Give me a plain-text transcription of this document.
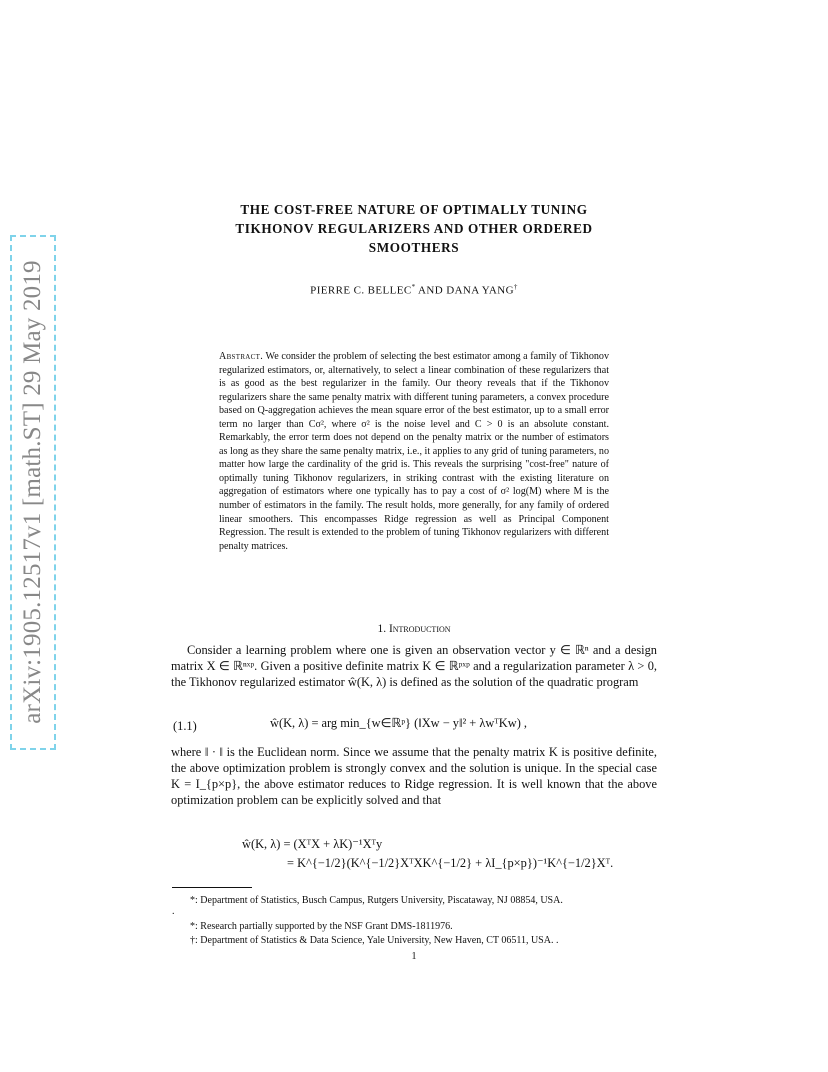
arXiv:1905.12517v1 [math.ST] 29 May 2019
THE COST-FREE NATURE OF OPTIMALLY TUNING
TIKHONOV REGULARIZERS AND OTHER ORDERED
SMOOTHERS
PIERRE C. BELLEC* AND DANA YANG†
Abstract. We consider the problem of selecting the best estimator among a family of Tikhonov regularized estimators, or, alternatively, to select a linear combination of these regularizers that is as good as the best regularizer in the family. Our theory reveals that if the Tikhonov regularizers share the same penalty matrix with different tuning parameters, a convex procedure based on Q-aggregation achieves the mean square error of the best estimator, up to a small error term no larger than Cσ², where σ² is the noise level and C > 0 is an absolute constant. Remarkably, the error term does not depend on the penalty matrix or the number of estimators as long as they share the same penalty matrix, i.e., it applies to any grid of tuning parameters, no matter how large the cardinality of the grid is. This reveals the surprising "cost-free" nature of optimally tuning Tikhonov regularizers, in striking contrast with the existing literature on aggregation of estimators where one typically has to pay a cost of σ² log(M) where M is the number of estimators in the family. The result holds, more generally, for any family of ordered linear smoothers. This encompasses Ridge regression as well as Principal Component Regression. The result is extended to the problem of tuning Tikhonov regularizers with different penalty matrices.
1. Introduction
Consider a learning problem where one is given an observation vector y ∈ ℝⁿ and a design matrix X ∈ ℝⁿˣᵖ. Given a positive definite matrix K ∈ ℝᵖˣᵖ and a regularization parameter λ > 0, the Tikhonov regularized estimator ŵ(K, λ) is defined as the solution of the quadratic program
(1.1)	ŵ(K, λ) = arg min_{w∈ℝᵖ} (‖Xw − y‖² + λwᵀKw) ,
where ‖ · ‖ is the Euclidean norm. Since we assume that the penalty matrix K is positive definite, the above optimization problem is strongly convex and the solution is unique. In the special case K = I_{p×p}, the above estimator reduces to Ridge regression. It is well known that the above optimization problem can be explicitly solved and that
ŵ(K, λ) = (XᵀX + λK)⁻¹Xᵀy
= K^{−1/2}(K^{−1/2}XᵀXK^{−1/2} + λI_{p×p})⁻¹K^{−1/2}Xᵀ.
*: Department of Statistics, Busch Campus, Rutgers University, Piscataway, NJ 08854, USA.
.
*: Research partially supported by the NSF Grant DMS-1811976.
†: Department of Statistics & Data Science, Yale University, New Haven, CT 06511, USA. .
1
